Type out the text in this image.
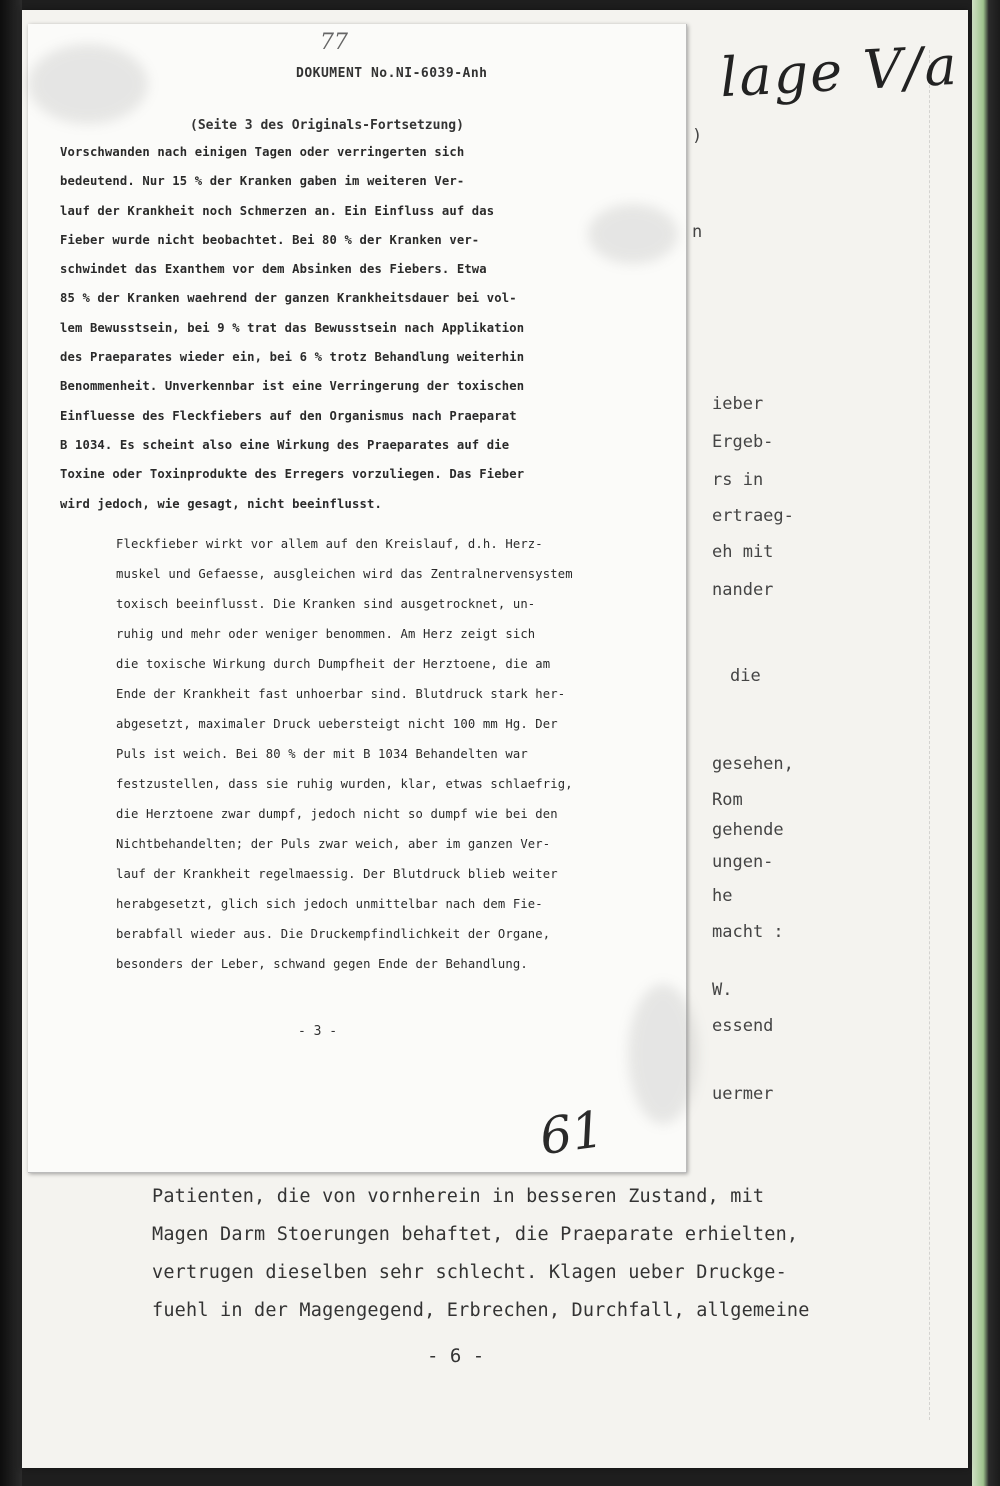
lage V/a
)
n
ieber
Ergeb-
rs in
ertraeg-
eh mit
nander
die
gesehen,
Rom
gehende
ungen-
he
macht :
W.
essend
uermer
Patienten, die von vornherein in besseren Zustand, mit
Magen Darm Stoerungen behaftet, die Praeparate erhielten,
vertrugen dieselben sehr schlecht. Klagen ueber Druckge-
fuehl in der Magengegend, Erbrechen, Durchfall, allgemeine
- 6 -
77
DOKUMENT No.NI-6039-Anh
(Seite 3 des Originals-Fortsetzung)
Vorschwanden nach einigen Tagen oder verringerten sich
bedeutend. Nur 15 % der Kranken gaben im weiteren Ver-
lauf der Krankheit noch Schmerzen an. Ein Einfluss auf das
Fieber wurde nicht beobachtet. Bei 80 % der Kranken ver-
schwindet das Exanthem vor dem Absinken des Fiebers. Etwa
85 % der Kranken waehrend der ganzen Krankheitsdauer bei vol-
lem Bewusstsein, bei 9 % trat das Bewusstsein nach Applikation
des Praeparates wieder ein, bei 6 % trotz Behandlung weiterhin
Benommenheit. Unverkennbar ist eine Verringerung der toxischen
Einfluesse des Fleckfiebers auf den Organismus nach Praeparat
B 1034. Es scheint also eine Wirkung des Praeparates auf die
Toxine oder Toxinprodukte des Erregers vorzuliegen. Das Fieber
wird jedoch, wie gesagt, nicht beeinflusst.
Fleckfieber wirkt vor allem auf den Kreislauf, d.h. Herz-
muskel und Gefaesse, ausgleichen wird das Zentralnervensystem
toxisch beeinflusst. Die Kranken sind ausgetrocknet, un-
ruhig und mehr oder weniger benommen. Am Herz zeigt sich
die toxische Wirkung durch Dumpfheit der Herztoene, die am
Ende der Krankheit fast unhoerbar sind. Blutdruck stark her-
abgesetzt, maximaler Druck uebersteigt nicht 100 mm Hg. Der
Puls ist weich. Bei 80 % der mit B 1034 Behandelten war
festzustellen, dass sie ruhig wurden, klar, etwas schlaefrig,
die Herztoene zwar dumpf, jedoch nicht so dumpf wie bei den
Nichtbehandelten; der Puls zwar weich, aber im ganzen Ver-
lauf der Krankheit regelmaessig. Der Blutdruck blieb weiter
herabgesetzt, glich sich jedoch unmittelbar nach dem Fie-
berabfall wieder aus. Die Druckempfindlichkeit der Organe,
besonders der Leber, schwand gegen Ende der Behandlung.
- 3 -
61
